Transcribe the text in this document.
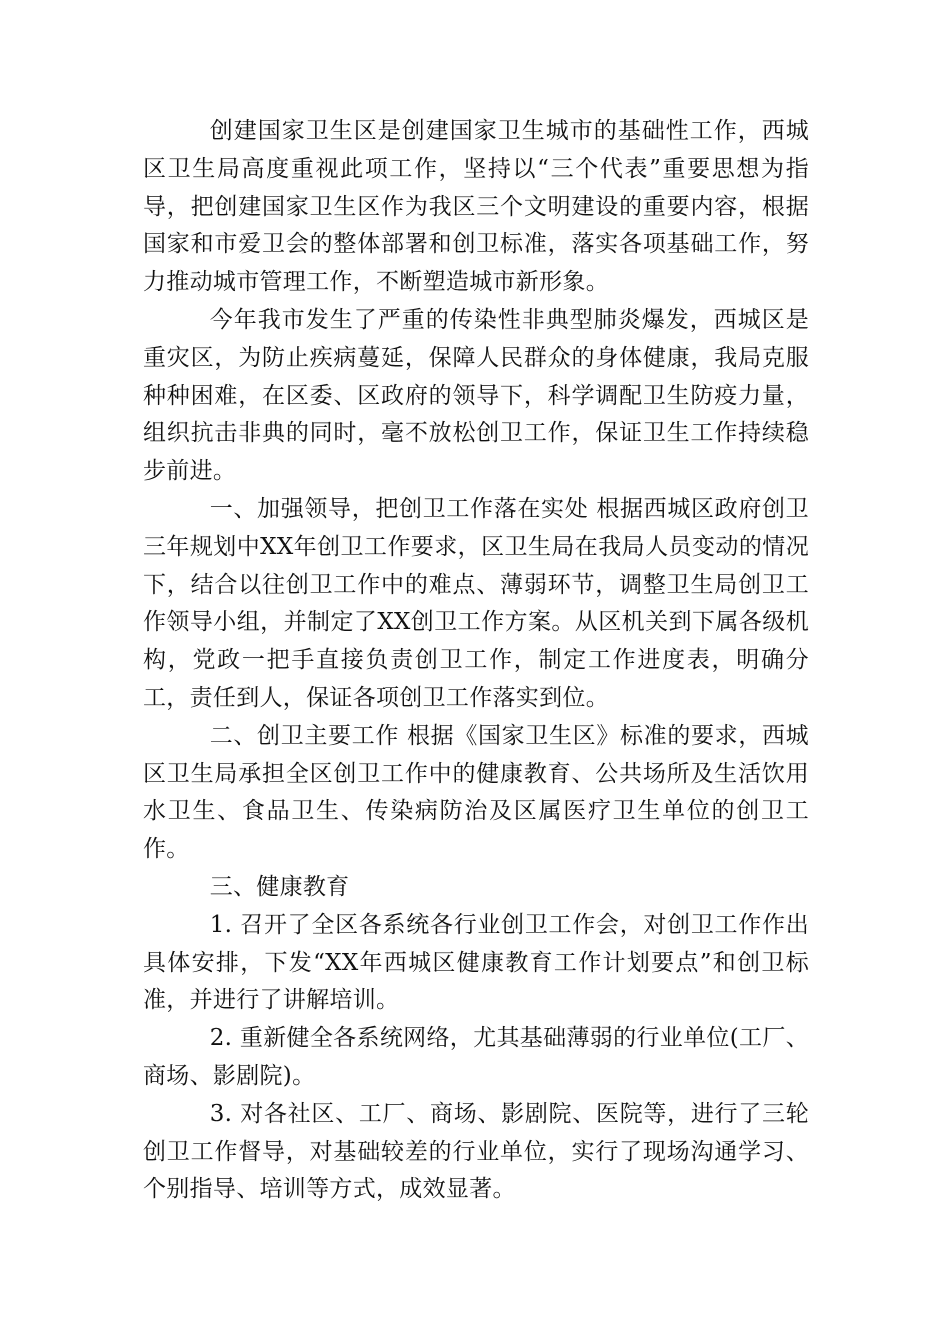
创建国家卫生区是创建国家卫生城市的基础性工作，西城区卫生局高度重视此项工作，坚持以“三个代表”重要思想为指导，把创建国家卫生区作为我区三个文明建设的重要内容，根据国家和市爱卫会的整体部署和创卫标准，落实各项基础工作，努力推动城市管理工作，不断塑造城市新形象。

今年我市发生了严重的传染性非典型肺炎爆发，西城区是重灾区，为防止疾病蔓延，保障人民群众的身体健康，我局克服种种困难，在区委、区政府的领导下，科学调配卫生防疫力量，组织抗击非典的同时，毫不放松创卫工作，保证卫生工作持续稳步前进。

一、加强领导，把创卫工作落在实处 根据西城区政府创卫三年规划中XX年创卫工作要求，区卫生局在我局人员变动的情况下，结合以往创卫工作中的难点、薄弱环节，调整卫生局创卫工作领导小组，并制定了XX创卫工作方案。从区机关到下属各级机构，党政一把手直接负责创卫工作，制定工作进度表，明确分工，责任到人，保证各项创卫工作落实到位。

二、创卫主要工作 根据《国家卫生区》标准的要求，西城区卫生局承担全区创卫工作中的健康教育、公共场所及生活饮用水卫生、食品卫生、传染病防治及区属医疗卫生单位的创卫工作。

三、健康教育

1. 召开了全区各系统各行业创卫工作会，对创卫工作作出具体安排，下发“XX年西城区健康教育工作计划要点”和创卫标准，并进行了讲解培训。

2. 重新健全各系统网络，尤其基础薄弱的行业单位(工厂、商场、影剧院)。

3. 对各社区、工厂、商场、影剧院、医院等，进行了三轮创卫工作督导，对基础较差的行业单位，实行了现场沟通学习、个别指导、培训等方式，成效显著。
